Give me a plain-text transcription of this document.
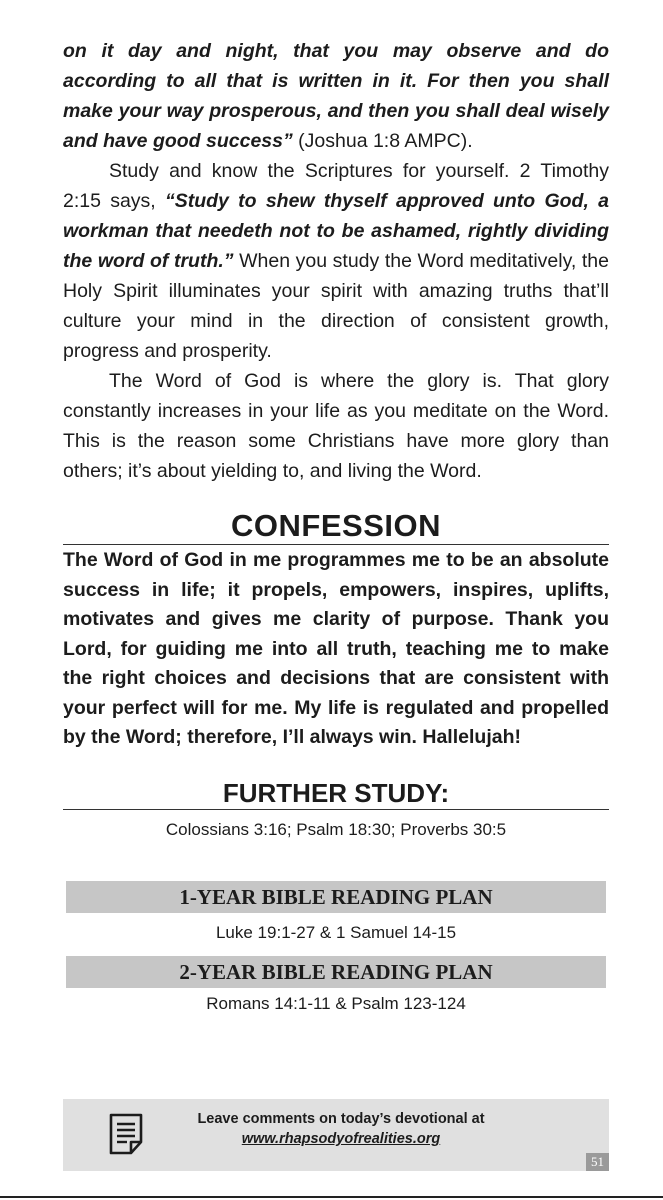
on it day and night, that you may observe and do according to all that is written in it. For then you shall make your way prosperous, and then you shall deal wisely and have good success” (Joshua 1:8 AMPC).

Study and know the Scriptures for yourself. 2 Timothy 2:15 says, “Study to shew thyself approved unto God, a workman that needeth not to be ashamed, rightly dividing the word of truth.” When you study the Word meditatively, the Holy Spirit illuminates your spirit with amazing truths that’ll culture your mind in the direction of consistent growth, progress and prosperity.

The Word of God is where the glory is. That glory constantly increases in your life as you meditate on the Word. This is the reason some Christians have more glory than others; it’s about yielding to, and living the Word.

CONFESSION

The Word of God in me programmes me to be an absolute success in life; it propels, empowers, inspires, uplifts, motivates and gives me clarity of purpose. Thank you Lord, for guiding me into all truth, teaching me to make the right choices and decisions that are consistent with your perfect will for me. My life is regulated and propelled by the Word; therefore, I’ll always win. Hallelujah!

FURTHER STUDY:
Colossians 3:16; Psalm 18:30; Proverbs 30:5
1-YEAR BIBLE READING PLAN
Luke 19:1-27 & 1 Samuel 14-15
2-YEAR BIBLE READING PLAN
Romans 14:1-11 & Psalm 123-124
Leave comments on today’s devotional at
www.rhapsodyofrealities.org
51
